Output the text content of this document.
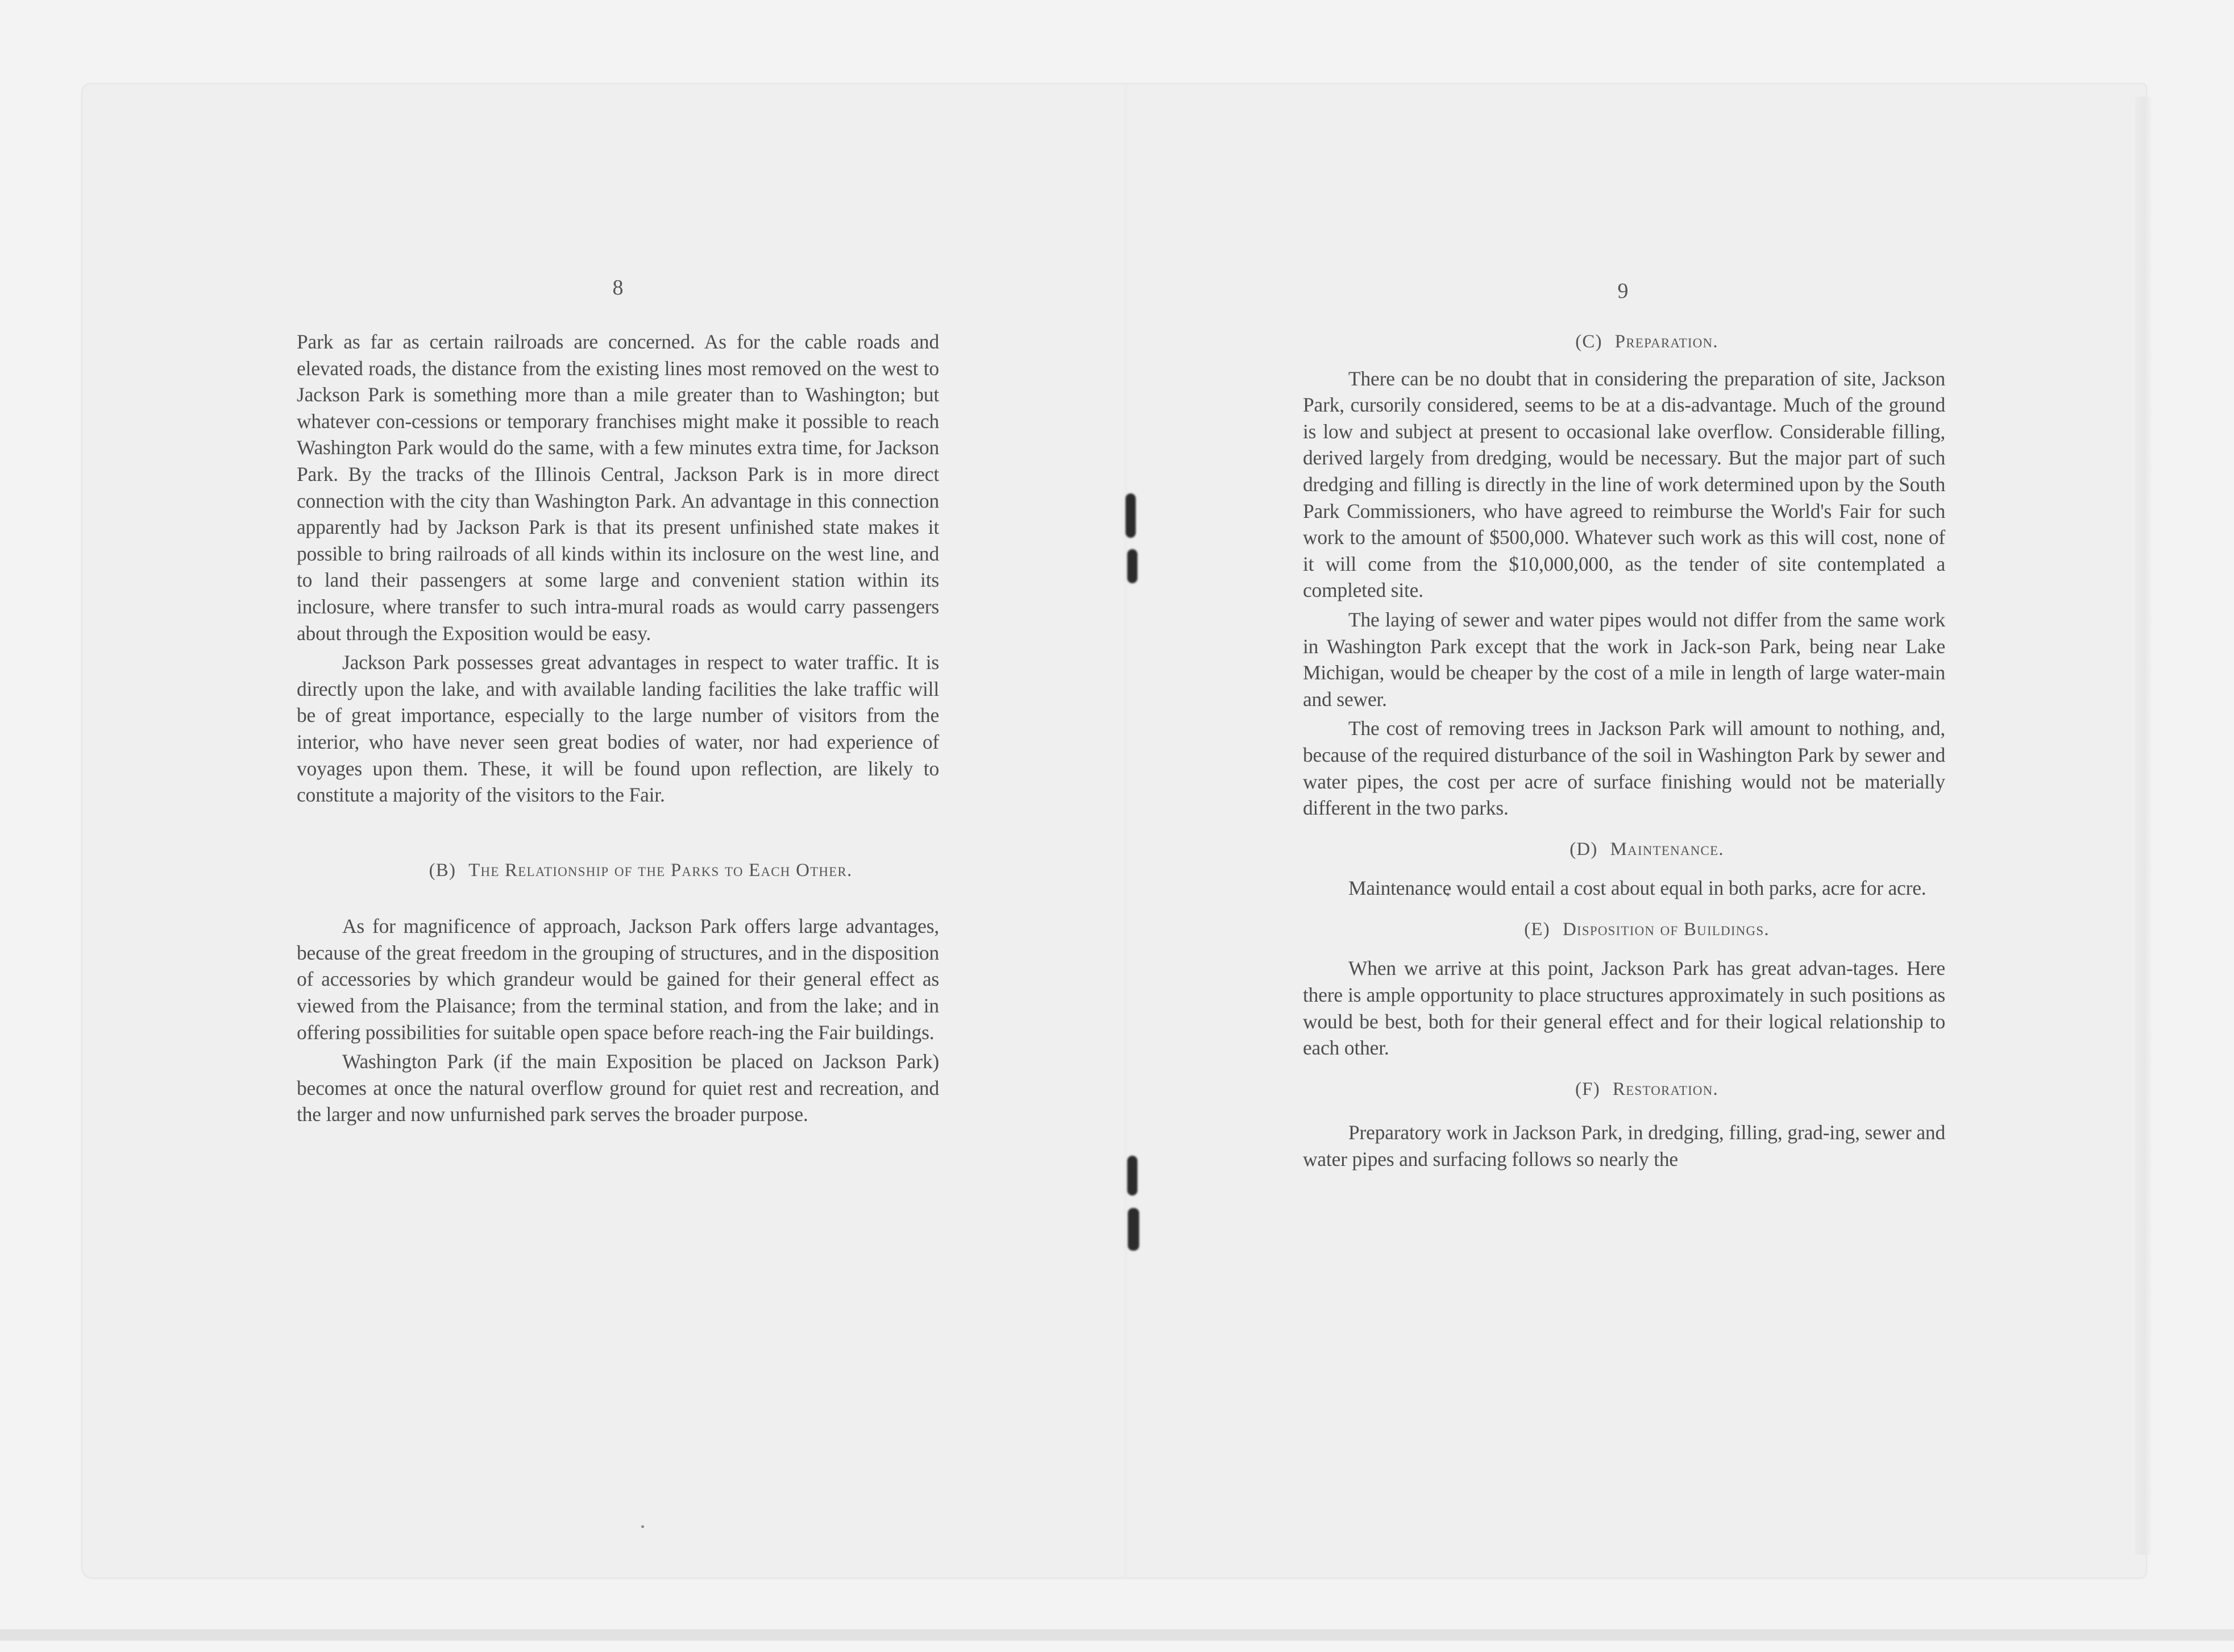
8

Park as far as certain railroads are concerned. As for the cable roads and elevated roads, the distance from the existing lines most removed on the west to Jackson Park is something more than a mile greater than to Washington; but whatever con-cessions or temporary franchises might make it possible to reach Washington Park would do the same, with a few minutes extra time, for Jackson Park. By the tracks of the Illinois Central, Jackson Park is in more direct connection with the city than Washington Park. An advantage in this connection apparently had by Jackson Park is that its present unfinished state makes it possible to bring railroads of all kinds within its inclosure on the west line, and to land their passengers at some large and convenient station within its inclosure, where transfer to such intra-mural roads as would carry passengers about through the Exposition would be easy.

Jackson Park possesses great advantages in respect to water traffic. It is directly upon the lake, and with available landing facilities the lake traffic will be of great importance, especially to the large number of visitors from the interior, who have never seen great bodies of water, nor had experience of voyages upon them. These, it will be found upon reflection, are likely to constitute a majority of the visitors to the Fair.

(B) The Relationship of the Parks to Each Other.

As for magnificence of approach, Jackson Park offers large advantages, because of the great freedom in the grouping of structures, and in the disposition of accessories by which grandeur would be gained for their general effect as viewed from the Plaisance; from the terminal station, and from the lake; and in offering possibilities for suitable open space before reach-ing the Fair buildings.

Washington Park (if the main Exposition be placed on Jackson Park) becomes at once the natural overflow ground for quiet rest and recreation, and the larger and now unfurnished park serves the broader purpose.

9

(C) Preparation.

There can be no doubt that in considering the preparation of site, Jackson Park, cursorily considered, seems to be at a dis-advantage. Much of the ground is low and subject at present to occasional lake overflow. Considerable filling, derived largely from dredging, would be necessary. But the major part of such dredging and filling is directly in the line of work determined upon by the South Park Commissioners, who have agreed to reimburse the World's Fair for such work to the amount of $500,000. Whatever such work as this will cost, none of it will come from the $10,000,000, as the tender of site contemplated a completed site.

The laying of sewer and water pipes would not differ from the same work in Washington Park except that the work in Jack-son Park, being near Lake Michigan, would be cheaper by the cost of a mile in length of large water-main and sewer.

The cost of removing trees in Jackson Park will amount to nothing, and, because of the required disturbance of the soil in Washington Park by sewer and water pipes, the cost per acre of surface finishing would not be materially different in the two parks.

(D) Maintenance.

Maintenance would entail a cost about equal in both parks, acre for acre.

(E) Disposition of Buildings.

When we arrive at this point, Jackson Park has great advan-tages. Here there is ample opportunity to place structures approximately in such positions as would be best, both for their general effect and for their logical relationship to each other.

(F) Restoration.

Preparatory work in Jackson Park, in dredging, filling, grad-ing, sewer and water pipes and surfacing follows so nearly the
